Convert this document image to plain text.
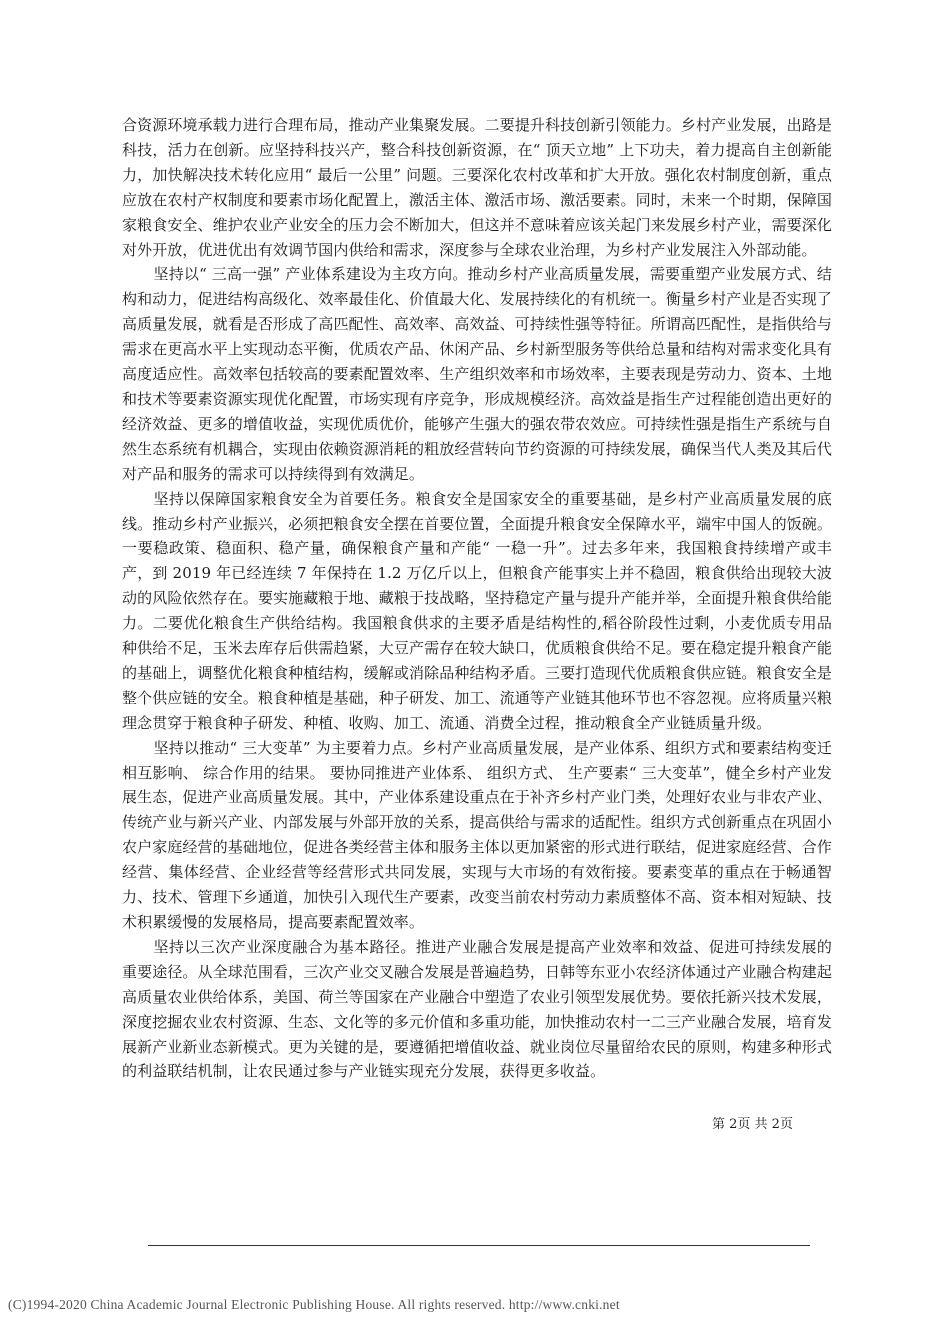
合资源环境承载力进行合理布局，推动产业集聚发展。二要提升科技创新引领能力。乡村产业发展，出路是科技，活力在创新。应坚持科技兴产，整合科技创新资源，在“ 顶天立地” 上下功夫，着力提高自主创新能力，加快解决技术转化应用“ 最后一公里” 问题。三要深化农村改革和扩大开放。强化农村制度创新，重点应放在农村产权制度和要素市场化配置上，激活主体、激活市场、激活要素。同时，未来一个时期，保障国家粮食安全、维护农业产业安全的压力会不断加大，但这并不意味着应该关起门来发展乡村产业，需要深化对外开放，优进优出有效调节国内供给和需求，深度参与全球农业治理，为乡村产业发展注入外部动能。

坚持以“ 三高一强” 产业体系建设为主攻方向。推动乡村产业高质量发展，需要重塑产业发展方式、结构和动力，促进结构高级化、效率最佳化、价值最大化、发展持续化的有机统一。衡量乡村产业是否实现了高质量发展，就看是否形成了高匹配性、高效率、高效益、可持续性强等特征。所谓高匹配性，是指供给与需求在更高水平上实现动态平衡，优质农产品、休闲产品、乡村新型服务等供给总量和结构对需求变化具有高度适应性。高效率包括较高的要素配置效率、生产组织效率和市场效率，主要表现是劳动力、资本、土地和技术等要素资源实现优化配置，市场实现有序竞争，形成规模经济。高效益是指生产过程能创造出更好的经济效益、更多的增值收益，实现优质优价，能够产生强大的强农带农效应。可持续性强是指生产系统与自然生态系统有机耦合，实现由依赖资源消耗的粗放经营转向节约资源的可持续发展，确保当代人类及其后代对产品和服务的需求可以持续得到有效满足。

坚持以保障国家粮食安全为首要任务。粮食安全是国家安全的重要基础，是乡村产业高质量发展的底线。推动乡村产业振兴，必须把粮食安全摆在首要位置，全面提升粮食安全保障水平，端牢中国人的饭碗。一要稳政策、稳面积、稳产量，确保粮食产量和产能“ 一稳一升”。过去多年来，我国粮食持续增产或丰产，到 2019 年已经连续 7 年保持在 1.2 万亿斤以上，但粮食产能事实上并不稳固，粮食供给出现较大波动的风险依然存在。要实施藏粮于地、藏粮于技战略，坚持稳定产量与提升产能并举，全面提升粮食供给能力。二要优化粮食生产供给结构。我国粮食供求的主要矛盾是结构性的,稻谷阶段性过剩，小麦优质专用品种供给不足，玉米去库存后供需趋紧，大豆产需存在较大缺口，优质粮食供给不足。要在稳定提升粮食产能的基础上，调整优化粮食种植结构，缓解或消除品种结构矛盾。三要打造现代优质粮食供应链。粮食安全是整个供应链的安全。粮食种植是基础，种子研发、加工、流通等产业链其他环节也不容忽视。应将质量兴粮理念贯穿于粮食种子研发、种植、收购、加工、流通、消费全过程，推动粮食全产业链质量升级。

坚持以推动“ 三大变革” 为主要着力点。乡村产业高质量发展，是产业体系、组织方式和要素结构变迁相互影响、 综合作用的结果。 要协同推进产业体系、 组织方式、 生产要素“ 三大变革”，健全乡村产业发展生态，促进产业高质量发展。其中，产业体系建设重点在于补齐乡村产业门类，处理好农业与非农产业、传统产业与新兴产业、内部发展与外部开放的关系，提高供给与需求的适配性。组织方式创新重点在巩固小农户家庭经营的基础地位，促进各类经营主体和服务主体以更加紧密的形式进行联结，促进家庭经营、合作经营、集体经营、企业经营等经营形式共同发展，实现与大市场的有效衔接。要素变革的重点在于畅通智力、技术、管理下乡通道，加快引入现代生产要素，改变当前农村劳动力素质整体不高、资本相对短缺、技术积累缓慢的发展格局，提高要素配置效率。

坚持以三次产业深度融合为基本路径。推进产业融合发展是提高产业效率和效益、促进可持续发展的重要途径。从全球范围看，三次产业交叉融合发展是普遍趋势，日韩等东亚小农经济体通过产业融合构建起高质量农业供给体系，美国、荷兰等国家在产业融合中塑造了农业引领型发展优势。要依托新兴技术发展，深度挖掘农业农村资源、生态、文化等的多元价值和多重功能，加快推动农村一二三产业融合发展，培育发展新产业新业态新模式。更为关键的是，要遵循把增值收益、就业岗位尽量留给农民的原则，构建多种形式的利益联结机制，让农民通过参与产业链实现充分发展，获得更多收益。

第 2页 共 2页
(C)1994-2020 China Academic Journal Electronic Publishing House. All rights reserved. http://www.cnki.net
